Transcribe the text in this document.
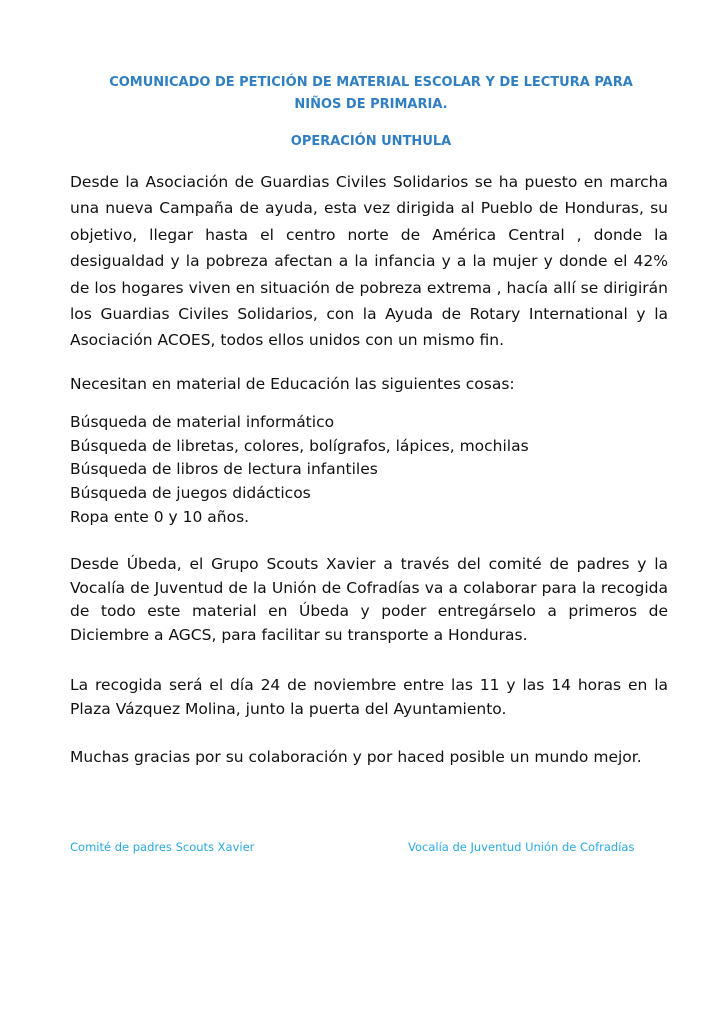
COMUNICADO DE PETICIÓN DE MATERIAL ESCOLAR Y DE LECTURA PARA NIÑOS DE PRIMARIA.
OPERACIÓN UNTHULA

Desde la Asociación de Guardias Civiles Solidarios se ha puesto en marcha una nueva Campaña de ayuda, esta vez dirigida al Pueblo de Honduras, su objetivo, llegar hasta el centro norte de América Central , donde la desigualdad y la pobreza afectan a la infancia y a la mujer y donde el 42% de los hogares viven en situación de pobreza extrema , hacía allí se dirigirán los Guardias Civiles Solidarios, con la Ayuda de Rotary International y la Asociación ACOES, todos ellos unidos con un mismo fin.

Necesitan en material de Educación las siguientes cosas:

Búsqueda de material informático
Búsqueda de libretas, colores, bolígrafos, lápices, mochilas
Búsqueda de libros de lectura infantiles
Búsqueda de juegos didácticos
Ropa ente 0 y 10 años.

Desde Úbeda, el Grupo Scouts Xavier a través del comité de padres y la Vocalía de Juventud de la Unión de Cofradías va a colaborar para la recogida de todo este material en Úbeda y poder entregárselo a primeros de Diciembre a AGCS, para facilitar su transporte a Honduras.

La recogida será el día 24 de noviembre entre las 11 y las 14 horas en la Plaza Vázquez Molina, junto la puerta del Ayuntamiento.

Muchas gracias por su colaboración y por haced posible un mundo mejor.

Comité de padres Scouts Xavier	Vocalía de Juventud Unión de Cofradías
